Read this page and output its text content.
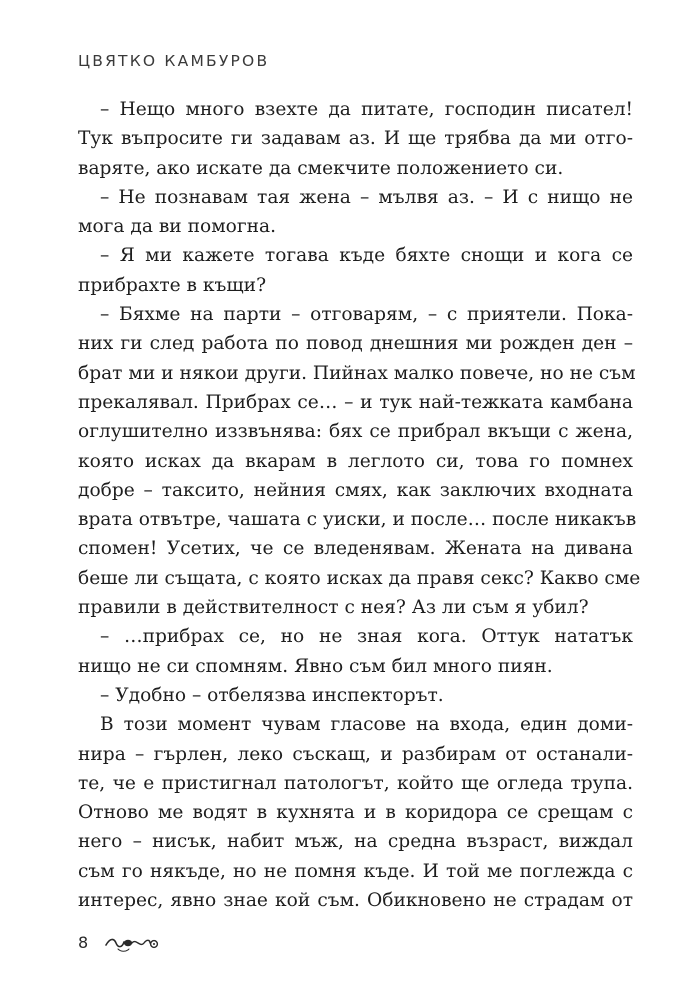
ЦВЯТКО КАМБУРОВ
– Нещо много взехте да питате, господин писател!
Тук въпросите ги задавам аз. И ще трябва да ми отго-
варяте, ако искате да смекчите положението си.
– Не познавам тая жена – мълвя аз. – И с нищо не
мога да ви помогна.
– Я ми кажете тогава къде бяхте снощи и кога се
прибрахте в къщи?
– Бяхме на парти – отговарям, – с приятели. Пока-
них ги след работа по повод днешния ми рожден ден –
брат ми и някои други. Пийнах малко повече, но не съм
прекалявал. Прибрах се… – и тук най-тежката камбана
оглушително иззвънява: бях се прибрал вкъщи с жена,
която исках да вкарам в леглото си, това го помнех
добре – таксито, нейния смях, как заключих входната
врата отвътре, чашата с уиски, и после… после никакъв
спомен! Усетих, че се вледенявам. Жената на дивана
беше ли същата, с която исках да правя секс? Какво сме
правили в действителност с нея? Аз ли съм я убил?
– …прибрах се, но не зная кога. Оттук нататък
нищо не си спомням. Явно съм бил много пиян.
– Удобно – отбелязва инспекторът.
В този момент чувам гласове на входа, един доми-
нира – гърлен, леко съскащ, и разбирам от останали-
те, че е пристигнал патологът, който ще огледа трупа.
Отново ме водят в кухнята и в коридора се срещам с
него – нисък, набит мъж, на средна възраст, виждал
съм го някъде, но не помня къде. И той ме поглежда с
интерес, явно знае кой съм. Обикновено не страдам от
8
